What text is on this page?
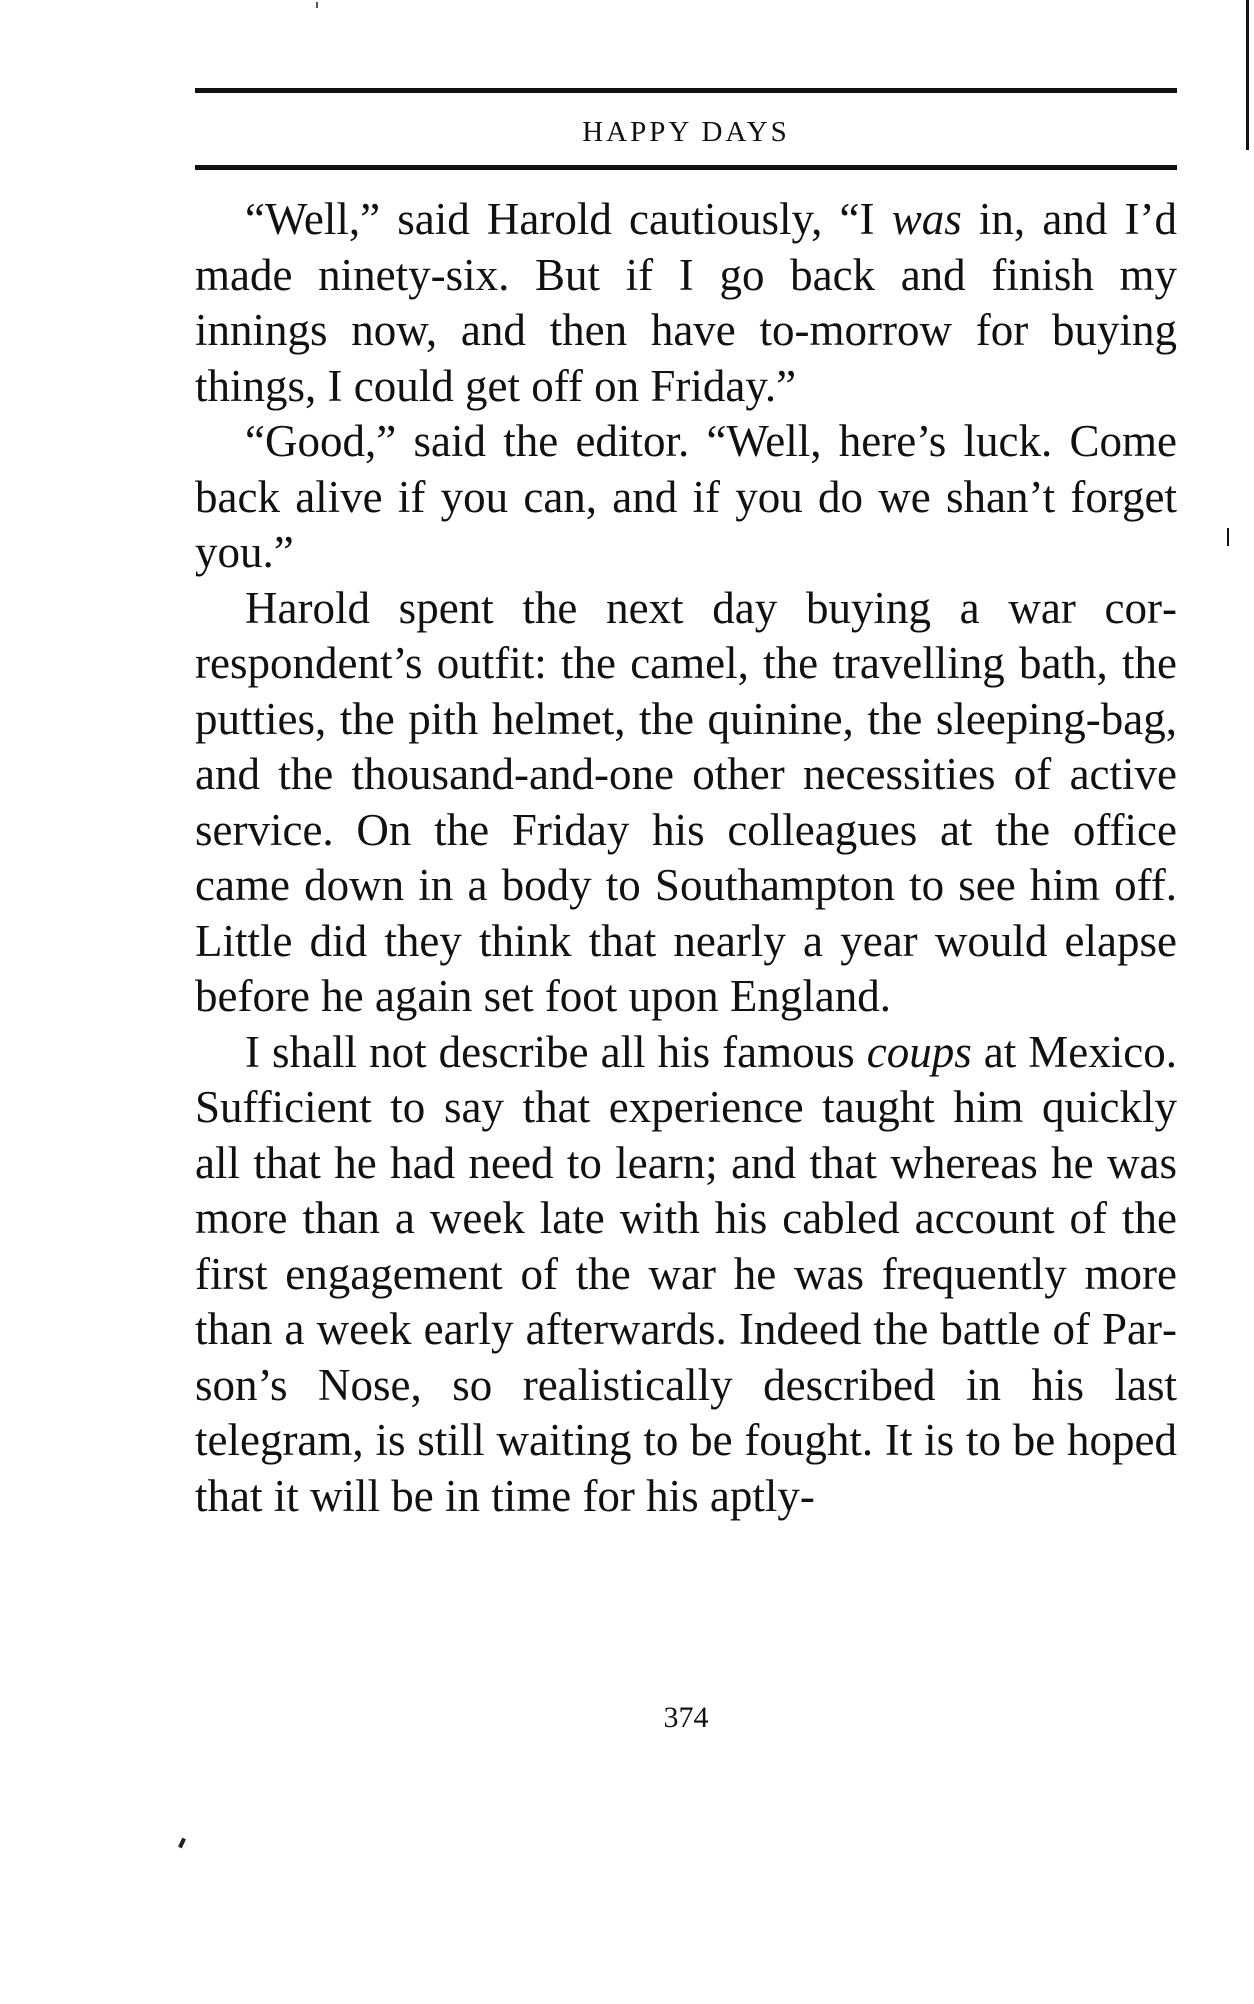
HAPPY DAYS

“Well,” said Harold cautiously, “I was in, and I’d made ninety-six. But if I go back and finish my innings now, and then have to-morrow for buying things, I could get off on Friday.”

“Good,” said the editor. “Well, here’s luck. Come back alive if you can, and if you do we shan’t forget you.”

Harold spent the next day buying a war correspondent’s outfit: the camel, the travelling bath, the putties, the pith helmet, the quinine, the sleeping-bag, and the thousand-and-one other necessities of active service. On the Friday his colleagues at the office came down in a body to Southampton to see him off. Little did they think that nearly a year would elapse before he again set foot upon England.

I shall not describe all his famous coups at Mexico. Sufficient to say that experience taught him quickly all that he had need to learn; and that whereas he was more than a week late with his cabled account of the first engagement of the war he was frequently more than a week early afterwards. Indeed the battle of Parson’s Nose, so realistically described in his last telegram, is still waiting to be fought. It is to be hoped that it will be in time for his aptly-

374
